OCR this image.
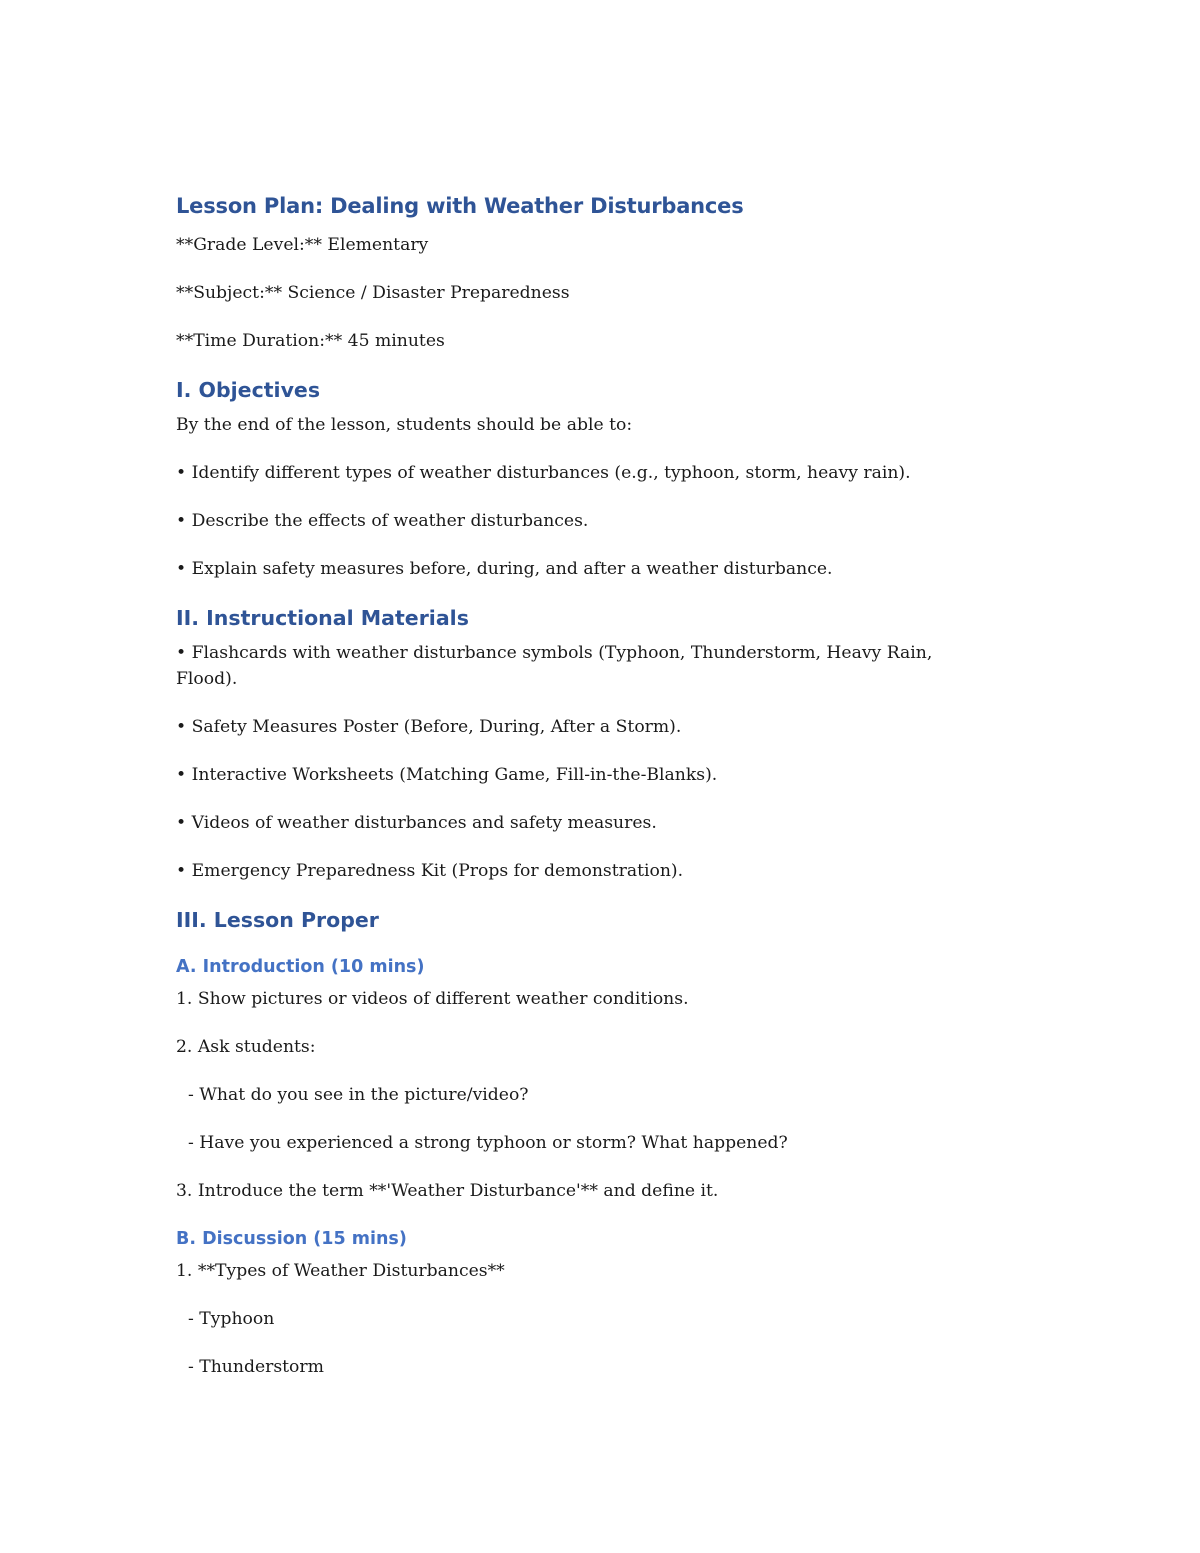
Lesson Plan: Dealing with Weather Disturbances

**Grade Level:** Elementary

**Subject:** Science / Disaster Preparedness

**Time Duration:** 45 minutes

I. Objectives

By the end of the lesson, students should be able to:

• Identify different types of weather disturbances (e.g., typhoon, storm, heavy rain).

• Describe the effects of weather disturbances.

• Explain safety measures before, during, and after a weather disturbance.

II. Instructional Materials

• Flashcards with weather disturbance symbols (Typhoon, Thunderstorm, Heavy Rain, Flood).

• Safety Measures Poster (Before, During, After a Storm).

• Interactive Worksheets (Matching Game, Fill-in-the-Blanks).

• Videos of weather disturbances and safety measures.

• Emergency Preparedness Kit (Props for demonstration).

III. Lesson Proper
A. Introduction (10 mins)

1. Show pictures or videos of different weather conditions.

2. Ask students:

- What do you see in the picture/video?

- Have you experienced a strong typhoon or storm? What happened?

3. Introduce the term **'Weather Disturbance'** and define it.

B. Discussion (15 mins)

1. **Types of Weather Disturbances**

- Typhoon

- Thunderstorm
